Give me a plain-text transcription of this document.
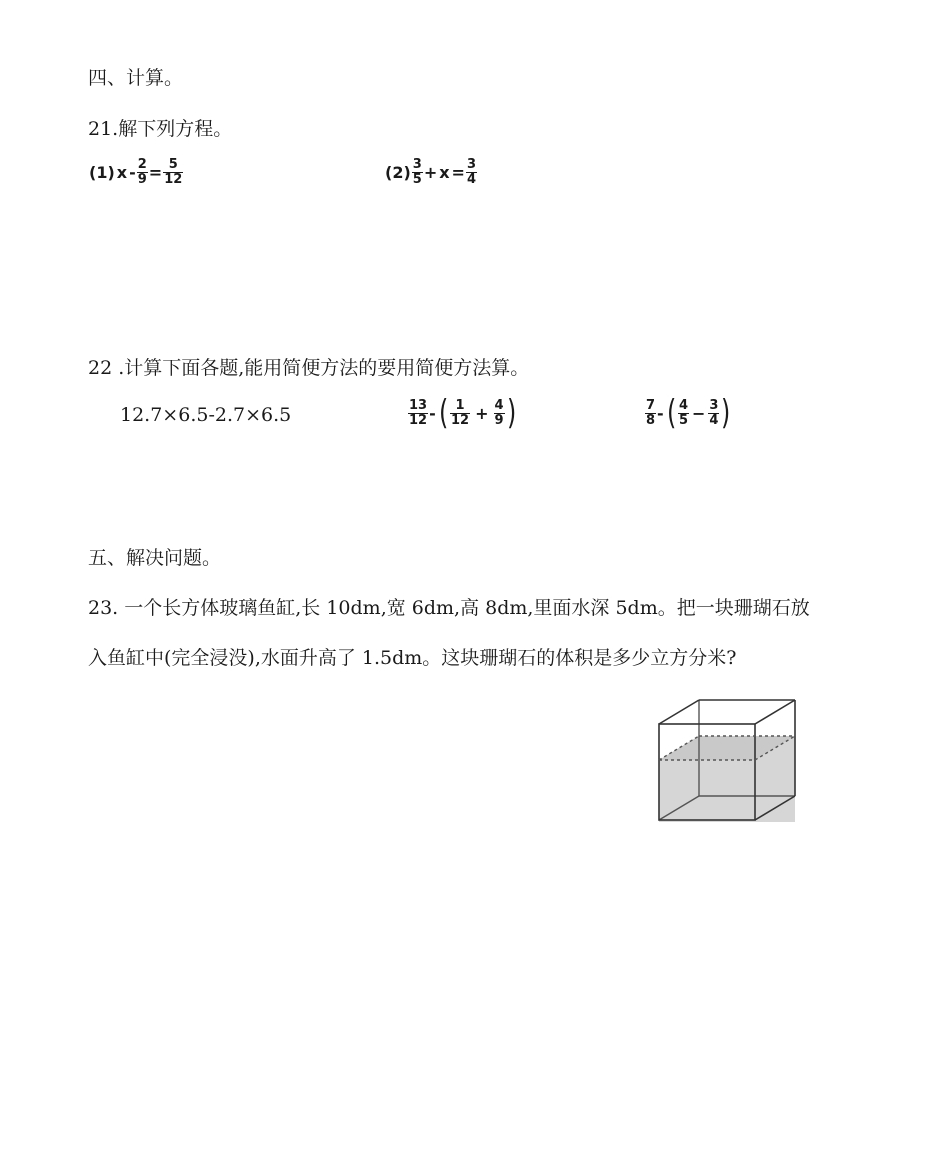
四、计算。
21.解下列方程。
(1) $x - \frac{2}{9} = \frac{5}{12}$	$(2) \frac{3}{5} + x = \frac{3}{4}$
22 .计算下面各题,能用简便方法的要用简便方法算。
12.7×6.5-2.7×6.5	$\frac{13}{12}$ -( $\frac{1}{12} + \frac{4}{9}$ )	$\frac{7}{8}$ -( $\frac{4}{5} - \frac{3}{4}$ )
五、解决问题。
23. 一个长方体玻璃鱼缸,长 10dm,宽 6dm,高 8dm,里面水深 5dm。把一块珊瑚石放
入鱼缸中(完全浸没),水面升高了 1.5dm。这块珊瑚石的体积是多少立方分米?
